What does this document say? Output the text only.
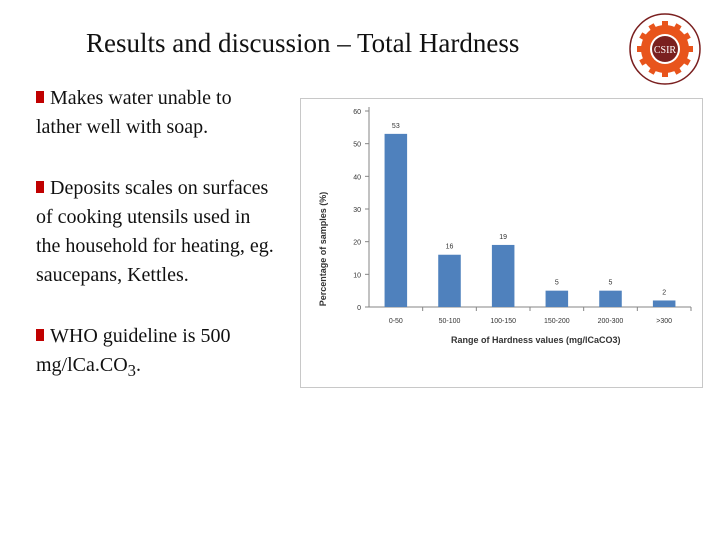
Results and discussion – Total Hardness
Makes water unable to lather well with soap.
Deposits scales on surfaces of cooking utensils used in the household for heating, eg. saucepans, Kettles.
WHO guideline is 500 $mg/lCa.CO_3$.
CSIR
0
10
20
30
40
50
60
53
0-50
16
50-100
19
100-150
5
150-200
5
200-300
2
>300
Percentage of samples (%)
Range of Hardness values (mg/lCaCO3)
